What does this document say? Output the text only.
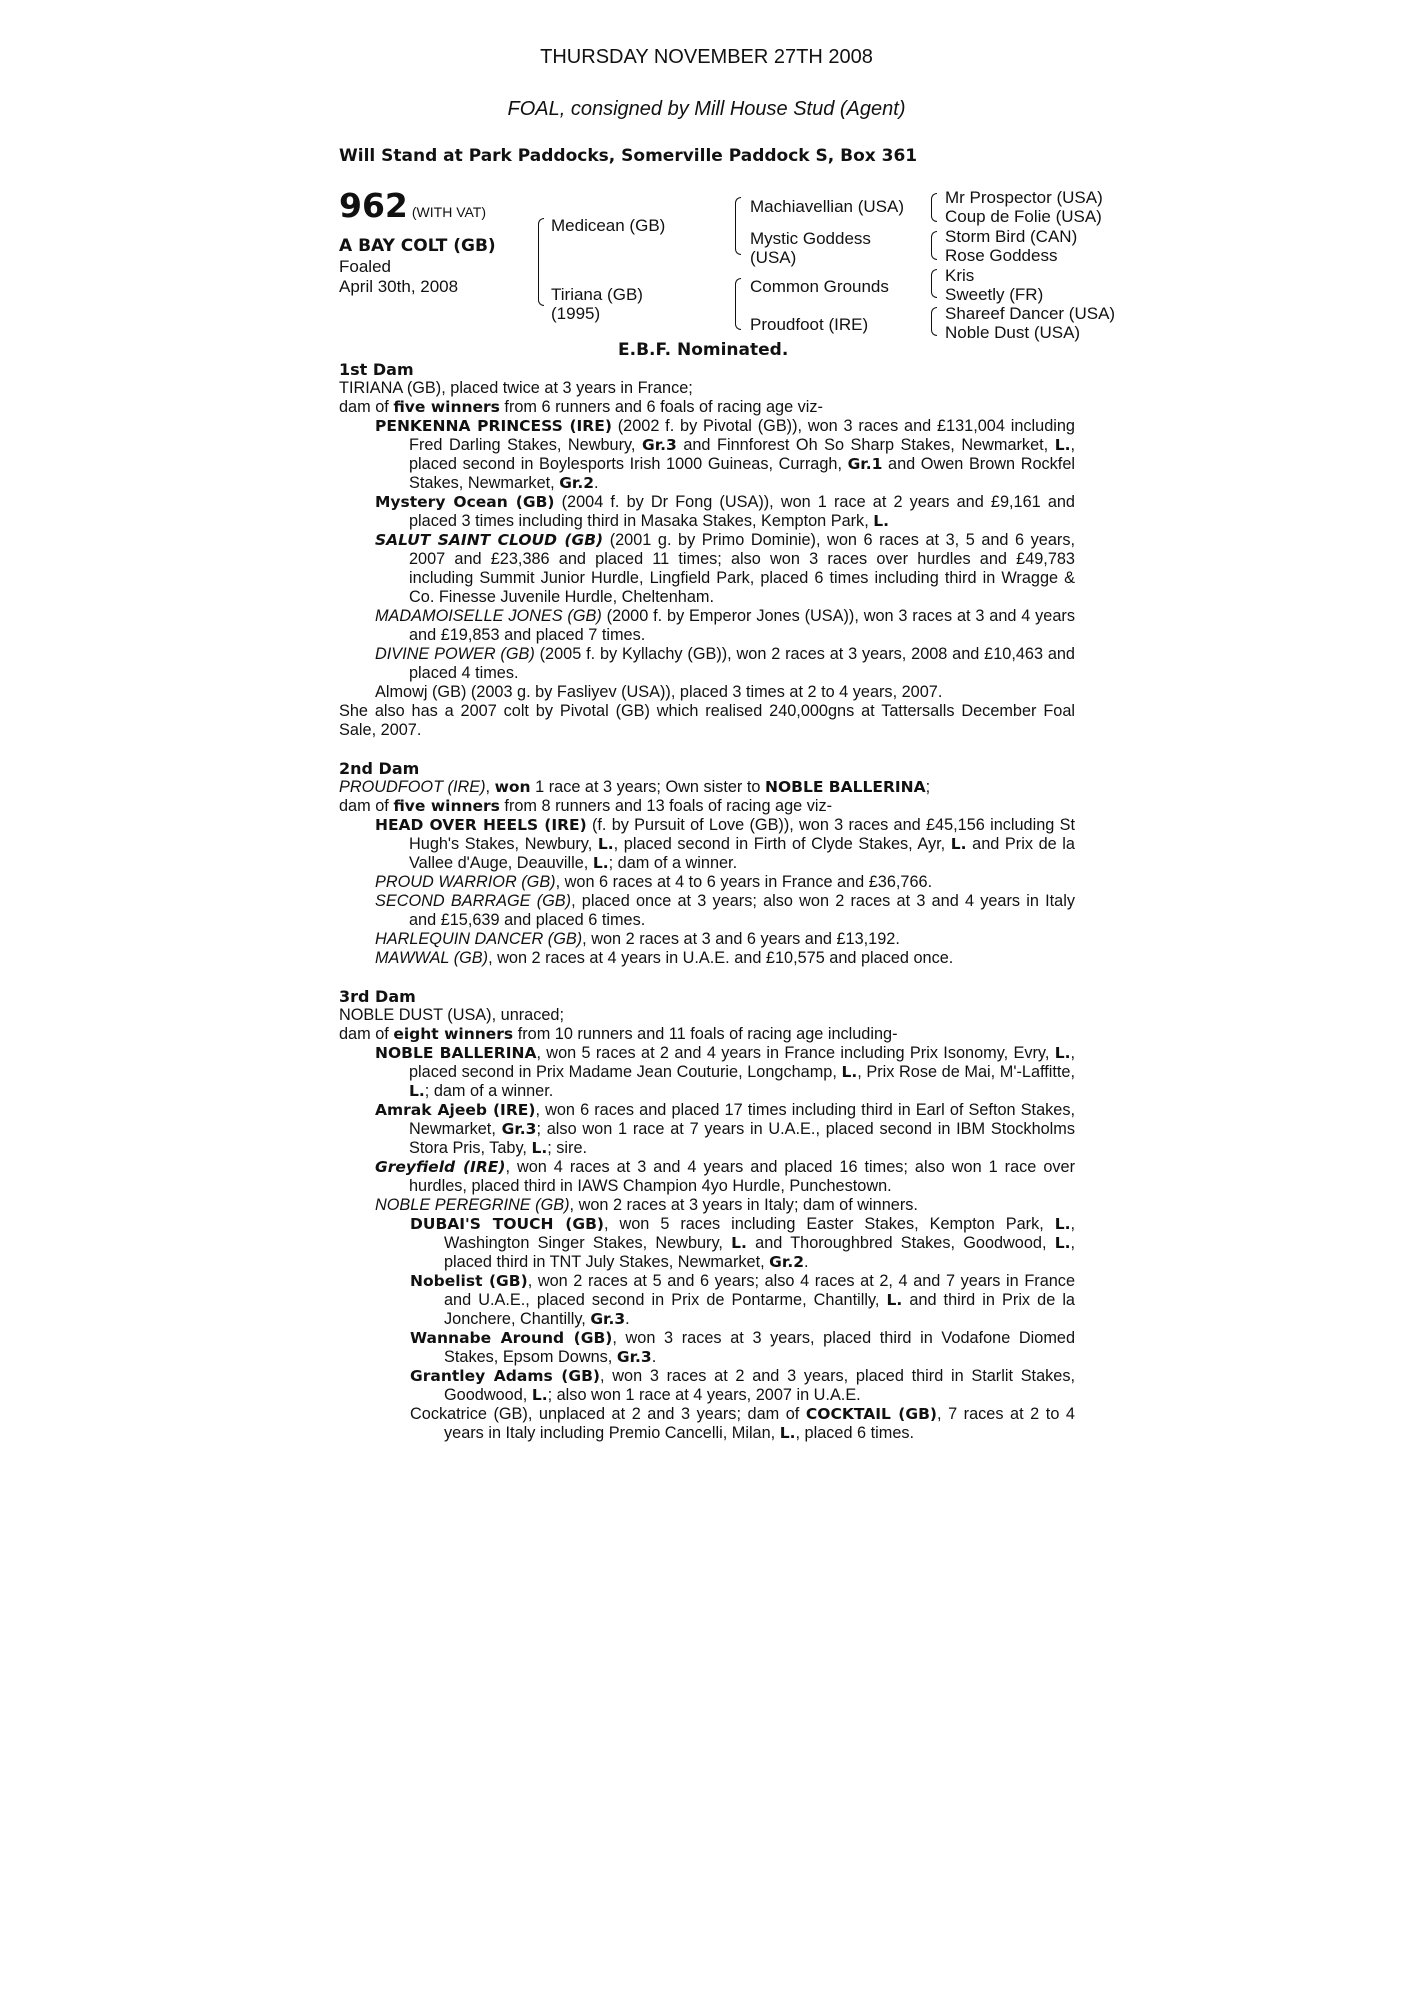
THURSDAY NOVEMBER 27TH 2008
FOAL, consigned by Mill House Stud (Agent)
Will Stand at Park Paddocks, Somerville Paddock S, Box 361
962 (WITH VAT)
A BAY COLT (GB)
Foaled
April 30th, 2008
Medicean (GB)
Tiriana (GB)
(1995)
Machiavellian (USA)
Mystic Goddess
(USA)
Common Grounds
Proudfoot (IRE)
Mr Prospector (USA)
Coup de Folie (USA)
Storm Bird (CAN)
Rose Goddess
Kris
Sweetly (FR)
Shareef Dancer (USA)
Noble Dust (USA)
E.B.F. Nominated.
1st Dam

TIRIANA (GB), placed twice at 3 years in France;

dam of five winners from 6 runners and 6 foals of racing age viz-

PENKENNA PRINCESS (IRE) (2002 f. by Pivotal (GB)), won 3 races and £131,004 including Fred Darling Stakes, Newbury, Gr.3 and Finnforest Oh So Sharp Stakes, Newmarket, L., placed second in Boylesports Irish 1000 Guineas, Curragh, Gr.1 and Owen Brown Rockfel Stakes, Newmarket, Gr.2.

Mystery Ocean (GB) (2004 f. by Dr Fong (USA)), won 1 race at 2 years and £9,161 and placed 3 times including third in Masaka Stakes, Kempton Park, L.

SALUT SAINT CLOUD (GB) (2001 g. by Primo Dominie), won 6 races at 3, 5 and 6 years, 2007 and £23,386 and placed 11 times; also won 3 races over hurdles and £49,783 including Summit Junior Hurdle, Lingfield Park, placed 6 times including third in Wragge & Co. Finesse Juvenile Hurdle, Cheltenham.

MADAMOISELLE JONES (GB) (2000 f. by Emperor Jones (USA)), won 3 races at 3 and 4 years and £19,853 and placed 7 times.

DIVINE POWER (GB) (2005 f. by Kyllachy (GB)), won 2 races at 3 years, 2008 and £10,463 and placed 4 times.

Almowj (GB) (2003 g. by Fasliyev (USA)), placed 3 times at 2 to 4 years, 2007.

She also has a 2007 colt by Pivotal (GB) which realised 240,000gns at Tattersalls December Foal Sale, 2007.

2nd Dam

PROUDFOOT (IRE), won 1 race at 3 years; Own sister to NOBLE BALLERINA;

dam of five winners from 8 runners and 13 foals of racing age viz-

HEAD OVER HEELS (IRE) (f. by Pursuit of Love (GB)), won 3 races and £45,156 including St Hugh's Stakes, Newbury, L., placed second in Firth of Clyde Stakes, Ayr, L. and Prix de la Vallee d'Auge, Deauville, L.; dam of a winner.

PROUD WARRIOR (GB), won 6 races at 4 to 6 years in France and £36,766.

SECOND BARRAGE (GB), placed once at 3 years; also won 2 races at 3 and 4 years in Italy and £15,639 and placed 6 times.

HARLEQUIN DANCER (GB), won 2 races at 3 and 6 years and £13,192.

MAWWAL (GB), won 2 races at 4 years in U.A.E. and £10,575 and placed once.

3rd Dam

NOBLE DUST (USA), unraced;

dam of eight winners from 10 runners and 11 foals of racing age including-

NOBLE BALLERINA, won 5 races at 2 and 4 years in France including Prix Isonomy, Evry, L., placed second in Prix Madame Jean Couturie, Longchamp, L., Prix Rose de Mai, M'-Laffitte, L.; dam of a winner.

Amrak Ajeeb (IRE), won 6 races and placed 17 times including third in Earl of Sefton Stakes, Newmarket, Gr.3; also won 1 race at 7 years in U.A.E., placed second in IBM Stockholms Stora Pris, Taby, L.; sire.

Greyfield (IRE), won 4 races at 3 and 4 years and placed 16 times; also won 1 race over hurdles, placed third in IAWS Champion 4yo Hurdle, Punchestown.

NOBLE PEREGRINE (GB), won 2 races at 3 years in Italy; dam of winners.

DUBAI'S TOUCH (GB), won 5 races including Easter Stakes, Kempton Park, L., Washington Singer Stakes, Newbury, L. and Thoroughbred Stakes, Goodwood, L., placed third in TNT July Stakes, Newmarket, Gr.2.

Nobelist (GB), won 2 races at 5 and 6 years; also 4 races at 2, 4 and 7 years in France and U.A.E., placed second in Prix de Pontarme, Chantilly, L. and third in Prix de la Jonchere, Chantilly, Gr.3.

Wannabe Around (GB), won 3 races at 3 years, placed third in Vodafone Diomed Stakes, Epsom Downs, Gr.3.

Grantley Adams (GB), won 3 races at 2 and 3 years, placed third in Starlit Stakes, Goodwood, L.; also won 1 race at 4 years, 2007 in U.A.E.

Cockatrice (GB), unplaced at 2 and 3 years; dam of COCKTAIL (GB), 7 races at 2 to 4 years in Italy including Premio Cancelli, Milan, L., placed 6 times.
